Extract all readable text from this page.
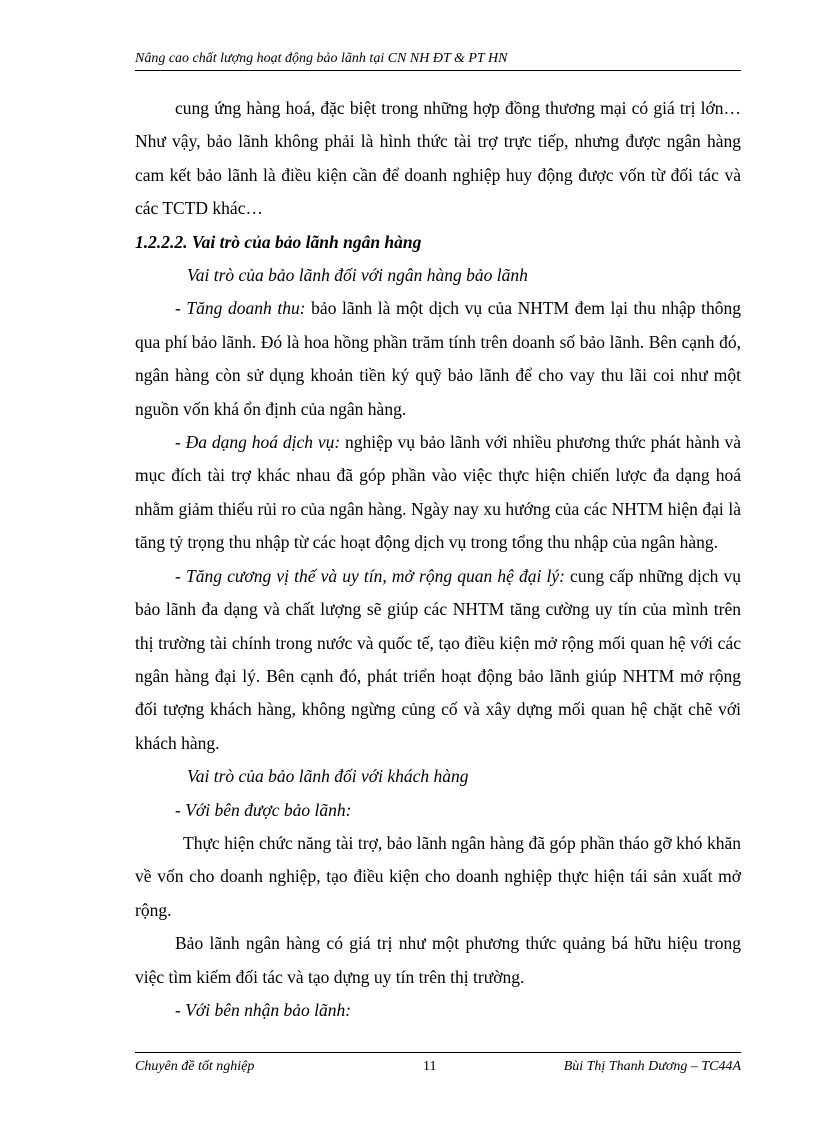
Nâng cao chất lượng hoạt động bảo lãnh tại CN NH ĐT & PT HN

cung ứng hàng hoá, đặc biệt trong những hợp đồng thương mại có giá trị lớn… Như vậy, bảo lãnh không phải là hình thức tài trợ trực tiếp, nhưng được ngân hàng cam kết bảo lãnh là điều kiện cần để doanh nghiệp huy động được vốn từ đối tác và các TCTD khác…

1.2.2.2. Vai trò của bảo lãnh ngân hàng

Vai trò của bảo lãnh đối với ngân hàng bảo lãnh

- Tăng doanh thu: bảo lãnh là một dịch vụ của NHTM đem lại thu nhập thông qua phí bảo lãnh. Đó là hoa hồng phần trăm tính trên doanh số bảo lãnh. Bên cạnh đó, ngân hàng còn sử dụng khoản tiền ký quỹ bảo lãnh để cho vay thu lãi coi như một nguồn vốn khá ổn định của ngân hàng.

- Đa dạng hoá dịch vụ: nghiệp vụ bảo lãnh với nhiều phương thức phát hành và mục đích tài trợ khác nhau đã góp phần vào việc thực hiện chiến lược đa dạng hoá nhằm giảm thiểu rủi ro của ngân hàng. Ngày nay xu hướng của các NHTM hiện đại là tăng tỷ trọng thu nhập từ các hoạt động dịch vụ trong tổng thu nhập của ngân hàng.

- Tăng cương vị thế và uy tín, mở rộng quan hệ đại lý: cung cấp những dịch vụ bảo lãnh đa dạng và chất lượng sẽ giúp các NHTM tăng cường uy tín của mình trên thị trường tài chính trong nước và quốc tế, tạo điều kiện mở rộng mối quan hệ với các ngân hàng đại lý. Bên cạnh đó, phát triển hoạt động bảo lãnh giúp NHTM mở rộng đối tượng khách hàng, không ngừng củng cố và xây dựng mối quan hệ chặt chẽ với khách hàng.

Vai trò của bảo lãnh đối với khách hàng

- Với bên được bảo lãnh:

Thực hiện chức năng tài trợ, bảo lãnh ngân hàng đã góp phần tháo gỡ khó khăn về vốn cho doanh nghiệp, tạo điều kiện cho doanh nghiệp thực hiện tái sản xuất mở rộng.

Bảo lãnh ngân hàng có giá trị như một phương thức quảng bá hữu hiệu trong việc tìm kiếm đối tác và tạo dựng uy tín trên thị trường.

- Với bên nhận bảo lãnh:

Chuyên đề tốt nghiệp	11	Bùi Thị Thanh Dương – TC44A
